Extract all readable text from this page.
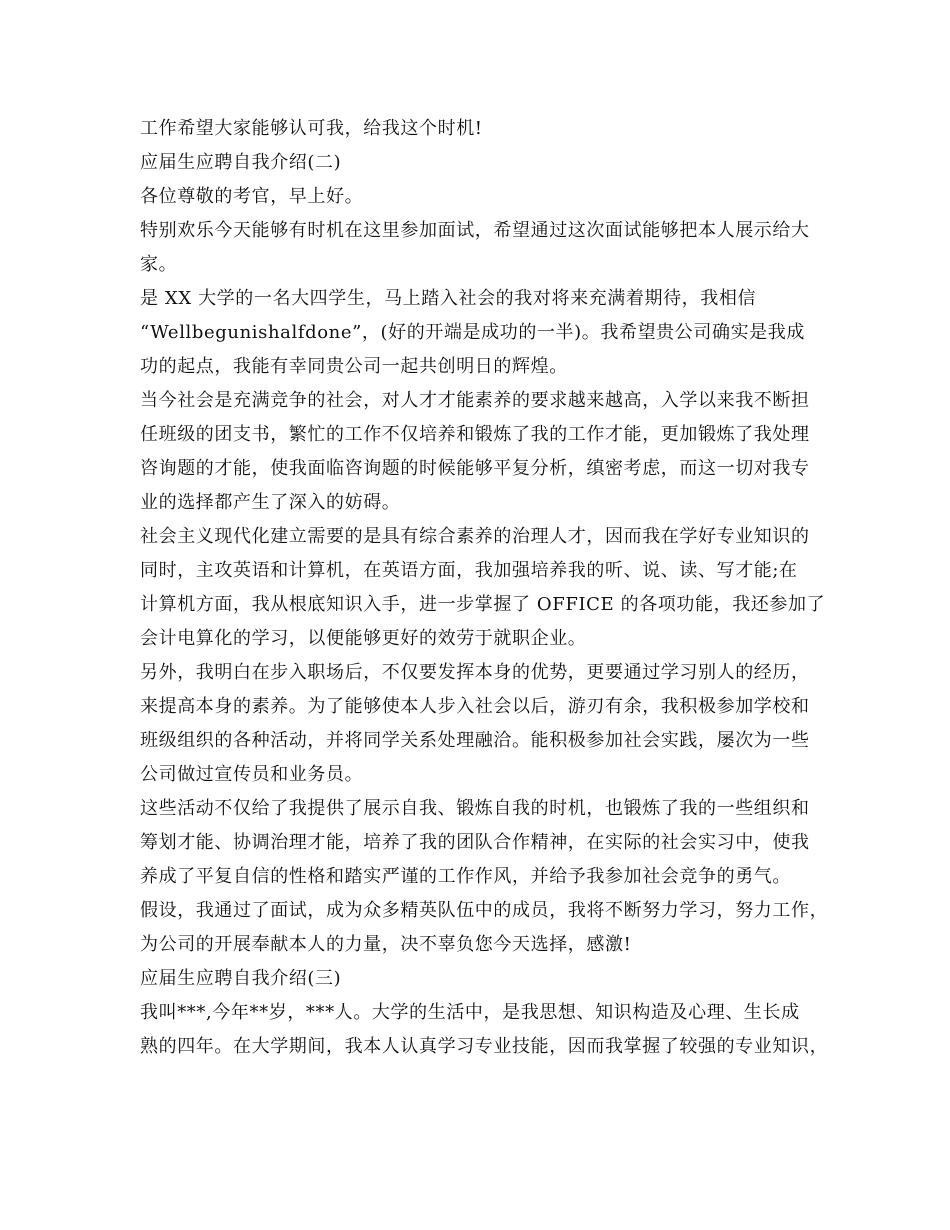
工作希望大家能够认可我，给我这个时机!
应届生应聘自我介绍(二)
各位尊敬的考官，早上好。
特别欢乐今天能够有时机在这里参加面试，希望通过这次面试能够把本人展示给大
家。
是 XX 大学的一名大四学生，马上踏入社会的我对将来充满着期待，我相信
“Wellbegunishalfdone”，(好的开端是成功的一半)。我希望贵公司确实是我成
功的起点，我能有幸同贵公司一起共创明日的辉煌。
当今社会是充满竞争的社会，对人才才能素养的要求越来越高，入学以来我不断担
任班级的团支书，繁忙的工作不仅培养和锻炼了我的工作才能，更加锻炼了我处理
咨询题的才能，使我面临咨询题的时候能够平复分析，缜密考虑，而这一切对我专
业的选择都产生了深入的妨碍。
社会主义现代化建立需要的是具有综合素养的治理人才，因而我在学好专业知识的
同时，主攻英语和计算机，在英语方面，我加强培养我的听、说、读、写才能;在
计算机方面，我从根底知识入手，进一步掌握了 OFFICE 的各项功能，我还参加了
会计电算化的学习，以便能够更好的效劳于就职企业。
另外，我明白在步入职场后，不仅要发挥本身的优势，更要通过学习别人的经历，
来提高本身的素养。为了能够使本人步入社会以后，游刃有余，我积极参加学校和
班级组织的各种活动，并将同学关系处理融洽。能积极参加社会实践，屡次为一些
公司做过宣传员和业务员。
这些活动不仅给了我提供了展示自我、锻炼自我的时机，也锻炼了我的一些组织和
筹划才能、协调治理才能，培养了我的团队合作精神，在实际的社会实习中，使我
养成了平复自信的性格和踏实严谨的工作作风，并给予我参加社会竞争的勇气。
假设，我通过了面试，成为众多精英队伍中的成员，我将不断努力学习，努力工作，
为公司的开展奉献本人的力量，决不辜负您今天选择，感激!
应届生应聘自我介绍(三)
我叫***,今年**岁，***人。大学的生活中，是我思想、知识构造及心理、生长成
熟的四年。在大学期间，我本人认真学习专业技能，因而我掌握了较强的专业知识，
